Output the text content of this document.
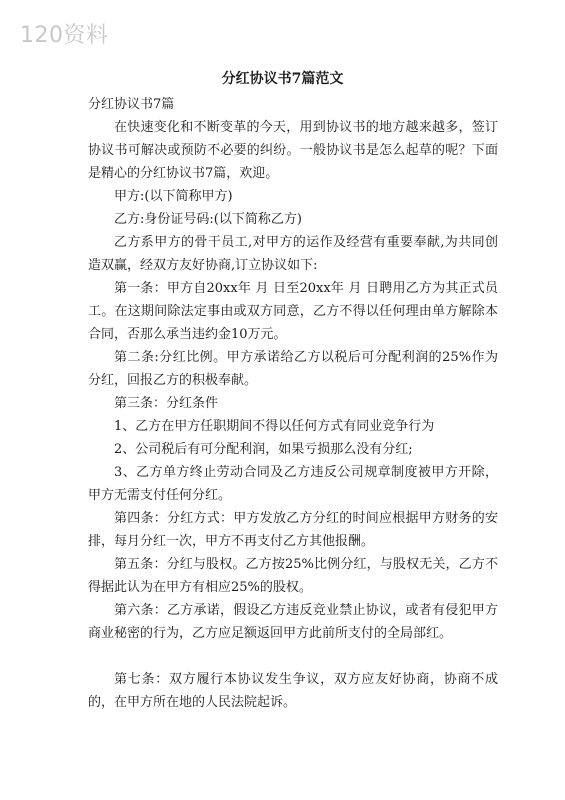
120资料
分红协议书7篇范文
分红协议书7篇

在快速变化和不断变革的今天，用到协议书的地方越来越多，签订协议书可解决或预防不必要的纠纷。一般协议书是怎么起草的呢？下面是精心的分红协议书7篇，欢迎。

甲方:(以下简称甲方)

乙方:身份证号码:(以下简称乙方)

乙方系甲方的骨干员工,对甲方的运作及经营有重要奉献,为共同创造双赢，经双方友好协商,订立协议如下:

第一条：甲方自20xx年 月 日至20xx年 月 日聘用乙方为其正式员工。在这期间除法定事由或双方同意，乙方不得以任何理由单方解除本合同，否那么承当违约金10万元。

第二条:分红比例。甲方承诺给乙方以税后可分配利润的25%作为分红，回报乙方的积极奉献。

第三条：分红条件

1、乙方在甲方任职期间不得以任何方式有同业竞争行为

2、公司税后有可分配利润，如果亏损那么没有分红;

3、乙方单方终止劳动合同及乙方违反公司规章制度被甲方开除，甲方无需支付任何分红。

第四条：分红方式：甲方发放乙方分红的时间应根据甲方财务的安排，每月分红一次，甲方不再支付乙方其他报酬。

第五条：分红与股权。乙方按25%比例分红，与股权无关，乙方不得据此认为在甲方有相应25%的股权。

第六条：乙方承诺，假设乙方违反竞业禁止协议，或者有侵犯甲方商业秘密的行为，乙方应足额返回甲方此前所支付的全局部红。

第七条：双方履行本协议发生争议，双方应友好协商，协商不成的，在甲方所在地的人民法院起诉。
